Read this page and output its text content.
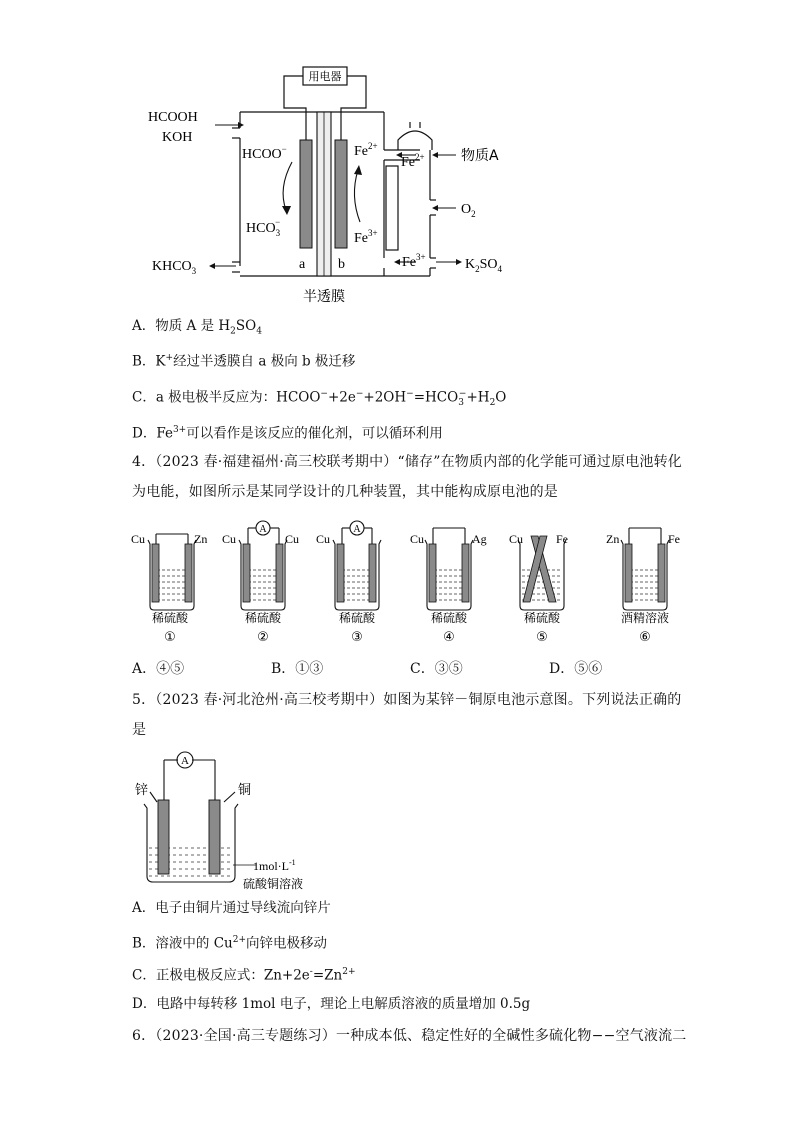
用电器
HCOOH
KOH
HCOO−
$HCO_3-$
$Fe^{2+}$
$Fe^{3+}$
$Fe^{2+}$
$Fe^{3+}$
a b
$KHCO_3$
物质A
$O_2$
$K_2SO_4$
半透膜
A．物质 A 是 $H_2SO_4$
B．K+经过半透膜自 a 极向 b 极迁移
C．a 极电极半反应为：$HCOO^-+2e^-+2OH^-=HCO_3^-+H_2O$
D．$Fe^{3+}$可以看作是该反应的催化剂，可以循环利用
4．（2023 春·福建福州·高三校联考期中）“储存”在物质内部的化学能可通过原电池转化
为电能，如图所示是某同学设计的几种装置，其中能构成原电池的是
Cu	Zn
稀硫酸
①
A
Cu	Cu
稀硫酸
②
A
Cu
稀硫酸
③
Cu	Ag
稀硫酸
④
Cu	Fe
稀硫酸
⑤
Zn	Fe
酒精溶液
⑥
A．④⑤	B．①③	C．③⑤	D．⑤⑥
5．（2023 春·河北沧州·高三校考期中）如图为某锌－铜原电池示意图。下列说法正确的
是
A
锌	铜
$1mol\cdot L^{-1}$
硫酸铜溶液
A．电子由铜片通过导线流向锌片
B．溶液中的 $Cu^{2+}$向锌电极移动
C．正极电极反应式：$Zn+2e^-=Zn^{2+}$
D．电路中每转移 1mol 电子，理论上电解质溶液的质量增加 0.5g
6．（2023·全国·高三专题练习）一种成本低、稳定性好的全碱性多硫化物−−空气液流二
